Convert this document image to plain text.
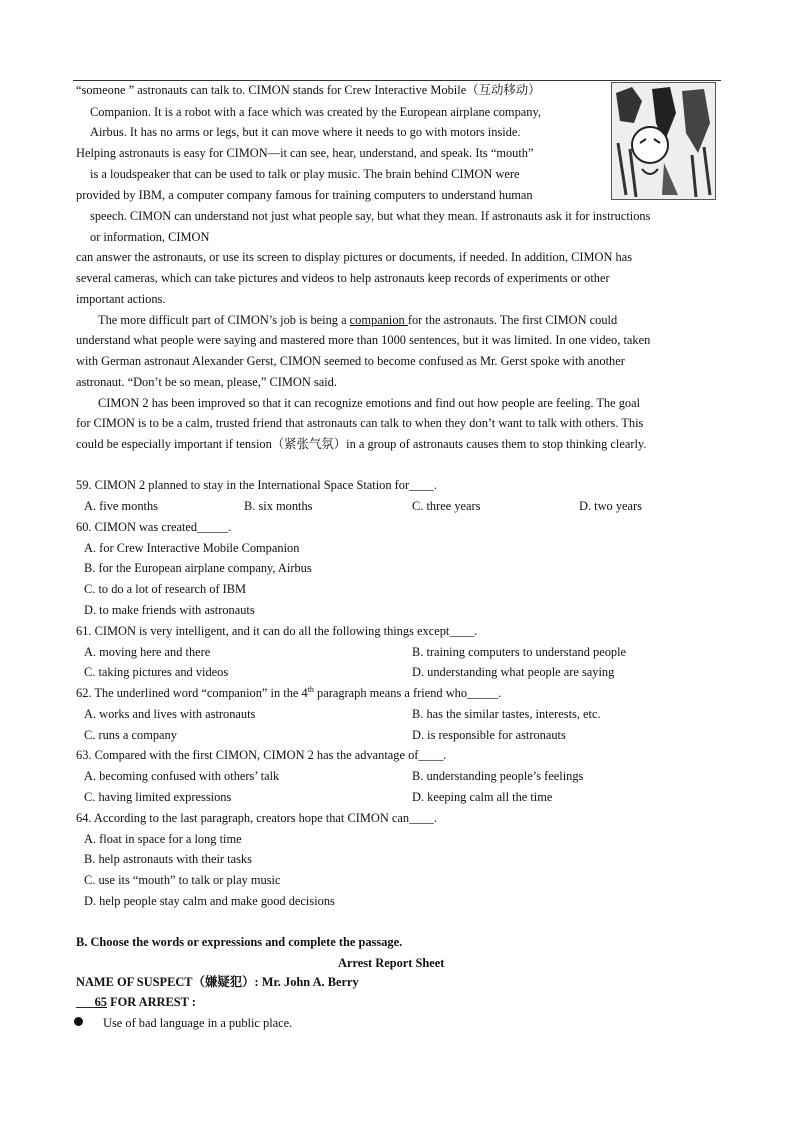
“someone ” astronauts can talk to. CIMON stands for Crew Interactive Mobile（互动移动）
Companion. It is a robot with a face which was created by the European airplane company,
Airbus. It has no arms or legs, but it can move where it needs to go with motors inside.
Helping astronauts is easy for CIMON—it can see, hear, understand, and speak. Its “mouth”
is a loudspeaker that can be used to talk or play music. The brain behind CIMON were
provided by IBM, a computer company famous for training computers to understand human
speech. CIMON can understand not just what people say, but what they mean. If astronauts ask it for instructions
or information, CIMON
can answer the astronauts, or use its screen to display pictures or documents, if needed. In addition, CIMON has
several cameras, which can take pictures and videos to help astronauts keep records of experiments or other
important actions.
The more difficult part of CIMON’s job is being a companion for the astronauts. The first CIMON could
understand what people were saying and mastered more than 1000 sentences, but it was limited. In one video, taken
with German astronaut Alexander Gerst, CIMON seemed to become confused as Mr. Gerst spoke with another
astronaut. “Don’t be so mean, please,” CIMON said.
CIMON 2 has been improved so that it can recognize emotions and find out how people are feeling. The goal
for CIMON is to be a calm, trusted friend that astronauts can talk to when they don’t want to talk with others. This
could be especially important if tension（紧张气氛）in a group of astronauts causes them to stop thinking clearly.
59. CIMON 2 planned to stay in the International Space Station for____.
A. five months	B. six months	C. three years	D. two years
60. CIMON was created_____.
A. for Crew Interactive Mobile Companion
B. for the European airplane company, Airbus
C. to do a lot of research of IBM
D. to make friends with astronauts
61. CIMON is very intelligent, and it can do all the following things except____.
A. moving here and there	B. training computers to understand people
C. taking pictures and videos	D. understanding what people are saying
62. The underlined word “companion” in the 4th paragraph means a friend who_____.
A. works and lives with astronauts	B. has the similar tastes, interests, etc.
C. runs a company	D. is responsible for astronauts
63. Compared with the first CIMON, CIMON 2 has the advantage of____.
A. becoming confused with others’ talk	B. understanding people’s feelings
C. having limited expressions	D. keeping calm all the time
64. According to the last paragraph, creators hope that CIMON can____.
A. float in space for a long time
B. help astronauts with their tasks
C. use its “mouth” to talk or play music
D. help people stay calm and make good decisions
B. Choose the words or expressions and complete the passage.
Arrest Report Sheet
NAME OF SUSPECT（嫌疑犯）: Mr. John A. Berry
___65 FOR ARREST :
Use of bad language in a public place.
